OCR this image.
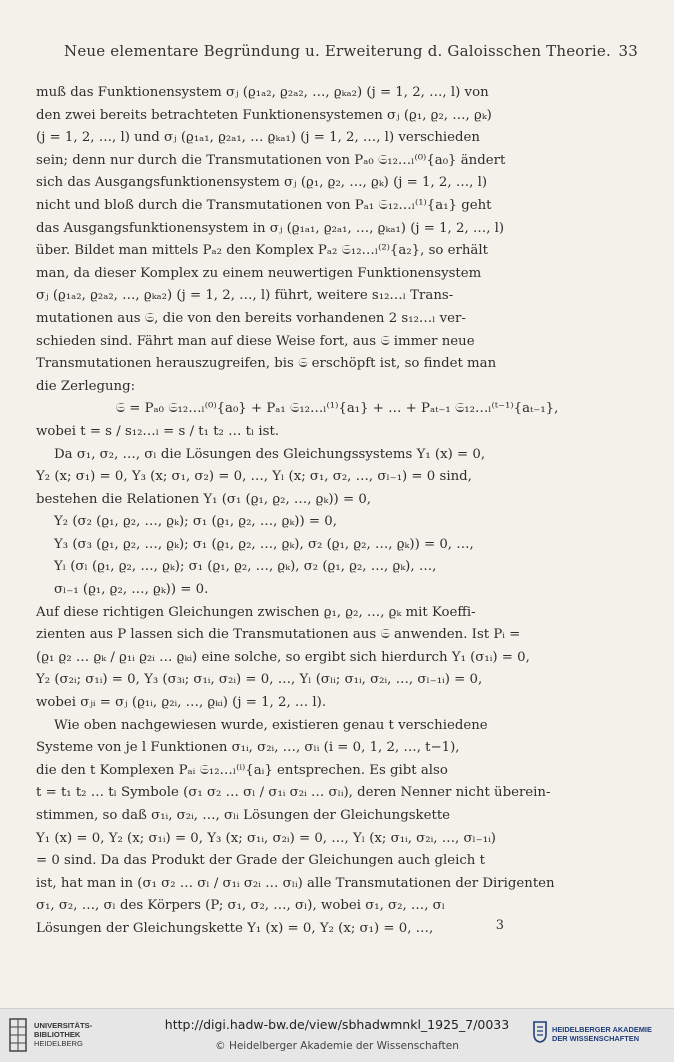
Neue elementare Begründung u. Erweiterung d. Galoisschen Theorie. 33

muß das Funktionensystem σⱼ (ϱ₁ₐ₂, ϱ₂ₐ₂, …, ϱₖₐ₂) (j = 1, 2, …, l) von

den zwei bereits betrachteten Funktionensystemen σⱼ (ϱ₁, ϱ₂, …, ϱₖ)

(j = 1, 2, …, l) und σⱼ (ϱ₁ₐ₁, ϱ₂ₐ₁, … ϱₖₐ₁) (j = 1, 2, …, l) verschieden

sein; denn nur durch die Transmutationen von Pₐ₀ 𝔖₁₂…ₗ⁽⁰⁾{a₀} ändert

sich das Ausgangsfunktionensystem σⱼ (ϱ₁, ϱ₂, …, ϱₖ) (j = 1, 2, …, l)

nicht und bloß durch die Transmutationen von Pₐ₁ 𝔖₁₂…ₗ⁽¹⁾{a₁} geht

das Ausgangsfunktionensystem in σⱼ (ϱ₁ₐ₁, ϱ₂ₐ₁, …, ϱₖₐ₁) (j = 1, 2, …, l)

über. Bildet man mittels Pₐ₂ den Komplex Pₐ₂ 𝔖₁₂…ₗ⁽²⁾{a₂}, so erhält

man, da dieser Komplex zu einem neuwertigen Funktionensystem

σⱼ (ϱ₁ₐ₂, ϱ₂ₐ₂, …, ϱₖₐ₂) (j = 1, 2, …, l) führt, weitere s₁₂…ₗ Trans-

mutationen aus 𝔖, die von den bereits vorhandenen 2 s₁₂…ₗ ver-

schieden sind. Fährt man auf diese Weise fort, aus 𝔖 immer neue

Transmutationen herauszugreifen, bis 𝔖 erschöpft ist, so findet man

die Zerlegung:

𝔖 = Pₐ₀ 𝔖₁₂…ₗ⁽⁰⁾{a₀} + Pₐ₁ 𝔖₁₂…ₗ⁽¹⁾{a₁} + … + Pₐₜ₋₁ 𝔖₁₂…ₗ⁽ᵗ⁻¹⁾{aₜ₋₁},

wobei t = s / s₁₂…ₗ = s / t₁ t₂ … tₗ ist.

Da σ₁, σ₂, …, σₗ die Lösungen des Gleichungssystems Y₁ (x) = 0,

Y₂ (x; σ₁) = 0, Y₃ (x; σ₁, σ₂) = 0, …, Yₗ (x; σ₁, σ₂, …, σₗ₋₁) = 0 sind,

bestehen die Relationen Y₁ (σ₁ (ϱ₁, ϱ₂, …, ϱₖ)) = 0,

Y₂ (σ₂ (ϱ₁, ϱ₂, …, ϱₖ); σ₁ (ϱ₁, ϱ₂, …, ϱₖ)) = 0,

Y₃ (σ₃ (ϱ₁, ϱ₂, …, ϱₖ); σ₁ (ϱ₁, ϱ₂, …, ϱₖ), σ₂ (ϱ₁, ϱ₂, …, ϱₖ)) = 0, …,

Yₗ (σₗ (ϱ₁, ϱ₂, …, ϱₖ); σ₁ (ϱ₁, ϱ₂, …, ϱₖ), σ₂ (ϱ₁, ϱ₂, …, ϱₖ), …,

σₗ₋₁ (ϱ₁, ϱ₂, …, ϱₖ)) = 0.

Auf diese richtigen Gleichungen zwischen ϱ₁, ϱ₂, …, ϱₖ mit Koeffi-

zienten aus P lassen sich die Transmutationen aus 𝔖 anwenden. Ist Pᵢ =

(ϱ₁ ϱ₂ … ϱₖ / ϱ₁ᵢ ϱ₂ᵢ … ϱₖᵢ) eine solche, so ergibt sich hierdurch Y₁ (σ₁ᵢ) = 0,

Y₂ (σ₂ᵢ; σ₁ᵢ) = 0, Y₃ (σ₃ᵢ; σ₁ᵢ, σ₂ᵢ) = 0, …, Yₗ (σₗᵢ; σ₁ᵢ, σ₂ᵢ, …, σₗ₋₁ᵢ) = 0,

wobei σⱼᵢ = σⱼ (ϱ₁ᵢ, ϱ₂ᵢ, …, ϱₖᵢ) (j = 1, 2, … l).

Wie oben nachgewiesen wurde, existieren genau t verschiedene

Systeme von je l Funktionen σ₁ᵢ, σ₂ᵢ, …, σₗᵢ (i = 0, 1, 2, …, t−1),

die den t Komplexen Pₐᵢ 𝔖₁₂…ₗ⁽ⁱ⁾{aᵢ} entsprechen. Es gibt also

t = t₁ t₂ … tₗ Symbole (σ₁ σ₂ … σₗ / σ₁ᵢ σ₂ᵢ … σₗᵢ), deren Nenner nicht überein-

stimmen, so daß σ₁ᵢ, σ₂ᵢ, …, σₗᵢ Lösungen der Gleichungskette

Y₁ (x) = 0, Y₂ (x; σ₁ᵢ) = 0, Y₃ (x; σ₁ᵢ, σ₂ᵢ) = 0, …, Yₗ (x; σ₁ᵢ, σ₂ᵢ, …, σₗ₋₁ᵢ)

= 0 sind. Da das Produkt der Grade der Gleichungen auch gleich t

ist, hat man in (σ₁ σ₂ … σₗ / σ₁ᵢ σ₂ᵢ … σₗᵢ) alle Transmutationen der Dirigenten

σ₁, σ₂, …, σₗ des Körpers (P; σ₁, σ₂, …, σₗ), wobei σ₁, σ₂, …, σₗ

Lösungen der Gleichungskette Y₁ (x) = 0, Y₂ (x; σ₁) = 0, …,	3
UNIVERSITÄTS-
BIBLIOTHEK
HEIDELBERG
http://digi.hadw-bw.de/view/sbhadwmnkl_1925_7/0033
© Heidelberger Akademie der Wissenschaften
HEIDELBERGER AKADEMIE
DER WISSENSCHAFTEN
